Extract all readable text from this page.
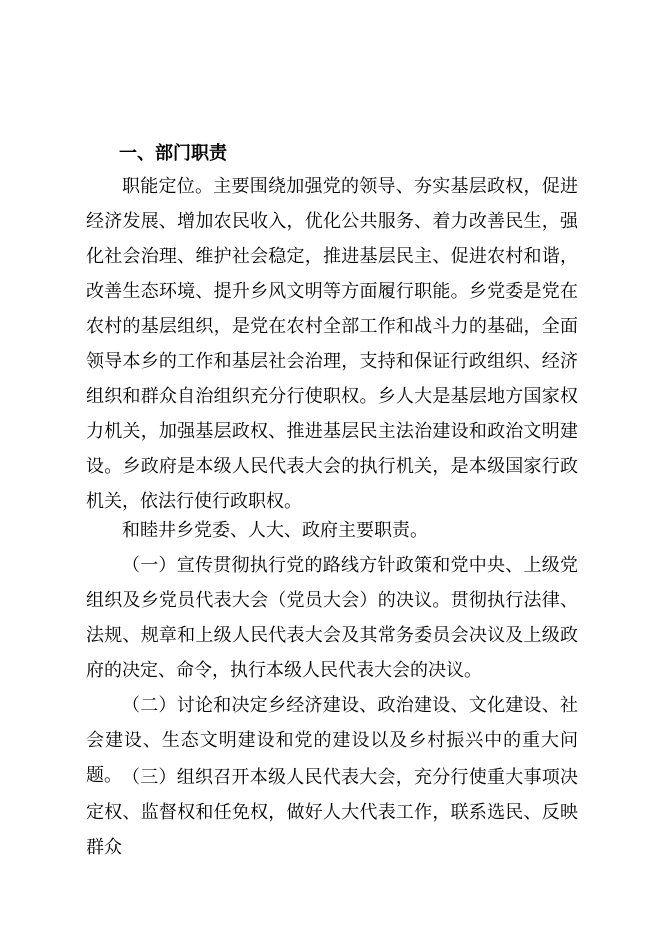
一、部门职责

职能定位。主要围绕加强党的领导、夯实基层政权，促进经济发展、增加农民收入，优化公共服务、着力改善民生，强化社会治理、维护社会稳定，推进基层民主、促进农村和谐，改善生态环境、提升乡风文明等方面履行职能。乡党委是党在农村的基层组织，是党在农村全部工作和战斗力的基础，全面领导本乡的工作和基层社会治理，支持和保证行政组织、经济组织和群众自治组织充分行使职权。乡人大是基层地方国家权力机关，加强基层政权、推进基层民主法治建设和政治文明建设。乡政府是本级人民代表大会的执行机关，是本级国家行政机关，依法行使行政职权。

和睦井乡党委、人大、政府主要职责。

（一）宣传贯彻执行党的路线方针政策和党中央、上级党组织及乡党员代表大会（党员大会）的决议。贯彻执行法律、法规、规章和上级人民代表大会及其常务委员会决议及上级政府的决定、命令，执行本级人民代表大会的决议。

（二）讨论和决定乡经济建设、政治建设、文化建设、社会建设、生态文明建设和党的建设以及乡村振兴中的重大问题。 （三）组织召开本级人民代表大会，充分行使重大事项决定权、监督权和任免权，做好人大代表工作，联系选民、反映群众
